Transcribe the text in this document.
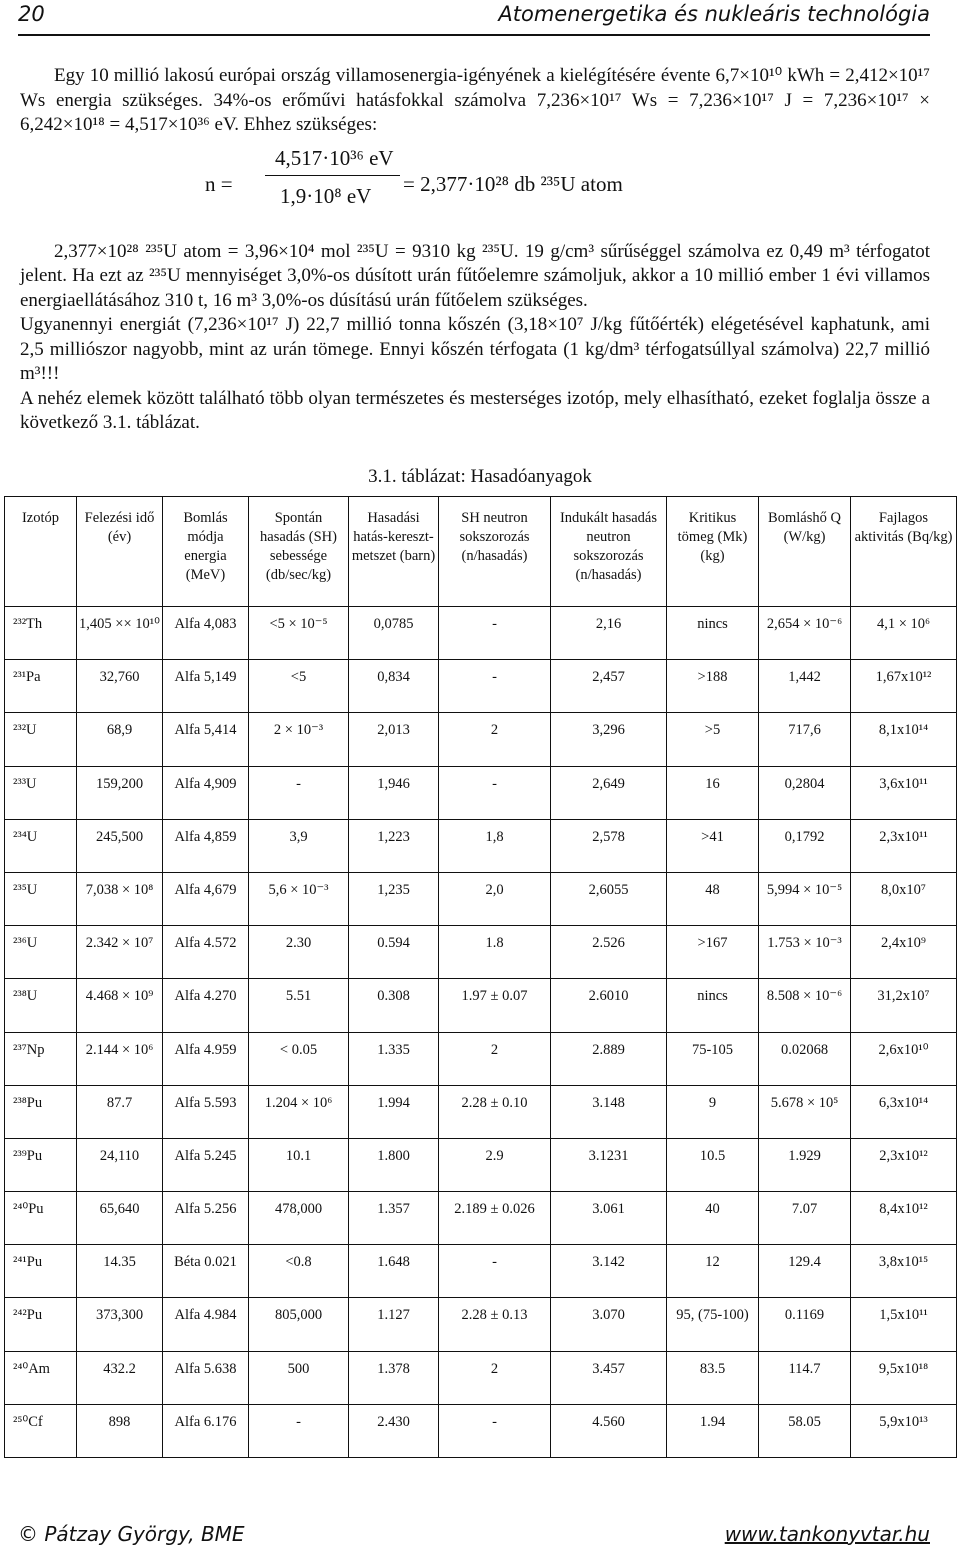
20	Atomenergetika és nukleáris technológia

Egy 10 millió lakosú európai ország villamosenergia-igényének a kielégítésére évente 6,7×10¹⁰ kWh = 2,412×10¹⁷ Ws energia szükséges. 34%-os erőművi hatásfokkal számolva 7,236×10¹⁷ Ws = 7,236×10¹⁷ J = 7,236×10¹⁷ × 6,242×10¹⁸ = 4,517×10³⁶ eV. Ehhez szükséges:

n =
4,517·10³⁶ eV
1,9·10⁸ eV = 2,377·10²⁸ db ²³⁵U atom

2,377×10²⁸ ²³⁵U atom = 3,96×10⁴ mol ²³⁵U = 9310 kg ²³⁵U. 19 g/cm³ sűrűséggel számolva ez 0,49 m³ térfogatot jelent. Ha ezt az ²³⁵U mennyiséget 3,0%-os dúsított urán fűtőelemre számoljuk, akkor a 10 millió ember 1 évi villamos energiaellátásához 310 t, 16 m³ 3,0%-os dúsítású urán fűtőelem szükséges.

Ugyanennyi energiát (7,236×10¹⁷ J) 22,7 millió tonna kőszén (3,18×10⁷ J/kg fűtőérték) elégetésével kaphatunk, ami 2,5 milliószor nagyobb, mint az urán tömege. Ennyi kőszén térfogata (1 kg/dm³ térfogatsúllyal számolva) 22,7 millió m³!!!

A nehéz elemek között található több olyan természetes és mesterséges izotóp, mely elhasítható, ezeket foglalja össze a következő 3.1. táblázat.

3.1. táblázat: Hasadóanyagok
Izotóp	Felezési idő (év)	Bomlás módja energia (MeV)	Spontán hasadás (SH) sebessége (db/sec/kg)	Hasadási hatás-kereszt-metszet (barn)	SH neutron sokszorozás (n/hasadás)	Indukált hasadás neutron sokszorozás (n/hasadás)	Kritikus tömeg (Mk) (kg)	Bomláshő Q (W/kg)	Fajlagos aktivitás (Bq/kg)
²³²Th	1,405 ×× 10¹⁰	Alfa 4,083	<5 × 10⁻⁵	0,0785	-	2,16	nincs	2,654 × 10⁻⁶	4,1 × 10⁶
²³¹Pa	32,760	Alfa 5,149	<5	0,834	-	2,457	>188	1,442	1,67x10¹²
²³²U	68,9	Alfa 5,414	2 × 10⁻³	2,013	2	3,296	>5	717,6	8,1x10¹⁴
²³³U	159,200	Alfa 4,909	-	1,946	-	2,649	16	0,2804	3,6x10¹¹
²³⁴U	245,500	Alfa 4,859	3,9	1,223	1,8	2,578	>41	0,1792	2,3x10¹¹
²³⁵U	7,038 × 10⁸	Alfa 4,679	5,6 × 10⁻³	1,235	2,0	2,6055	48	5,994 × 10⁻⁵	8,0x10⁷
²³⁶U	2.342 × 10⁷	Alfa 4.572	2.30	0.594	1.8	2.526	>167	1.753 × 10⁻³	2,4x10⁹
²³⁸U	4.468 × 10⁹	Alfa 4.270	5.51	0.308	1.97 ± 0.07	2.6010	nincs	8.508 × 10⁻⁶	31,2x10⁷
²³⁷Np	2.144 × 10⁶	Alfa 4.959	< 0.05	1.335	2	2.889	75-105	0.02068	2,6x10¹⁰
²³⁸Pu	87.7	Alfa 5.593	1.204 × 10⁶	1.994	2.28 ± 0.10	3.148	9	5.678 × 10⁵	6,3x10¹⁴
²³⁹Pu	24,110	Alfa 5.245	10.1	1.800	2.9	3.1231	10.5	1.929	2,3x10¹²
²⁴⁰Pu	65,640	Alfa 5.256	478,000	1.357	2.189 ± 0.026	3.061	40	7.07	8,4x10¹²
²⁴¹Pu	14.35	Béta 0.021	<0.8	1.648	-	3.142	12	129.4	3,8x10¹⁵
²⁴²Pu	373,300	Alfa 4.984	805,000	1.127	2.28 ± 0.13	3.070	95, (75-100)	0.1169	1,5x10¹¹
²⁴⁰Am	432.2	Alfa 5.638	500	1.378	2	3.457	83.5	114.7	9,5x10¹⁸
²⁵⁰Cf	898	Alfa 6.176	-	2.430	-	4.560	1.94	58.05	5,9x10¹³
© Pátzay György, BME	www.tankonyvtar.hu
